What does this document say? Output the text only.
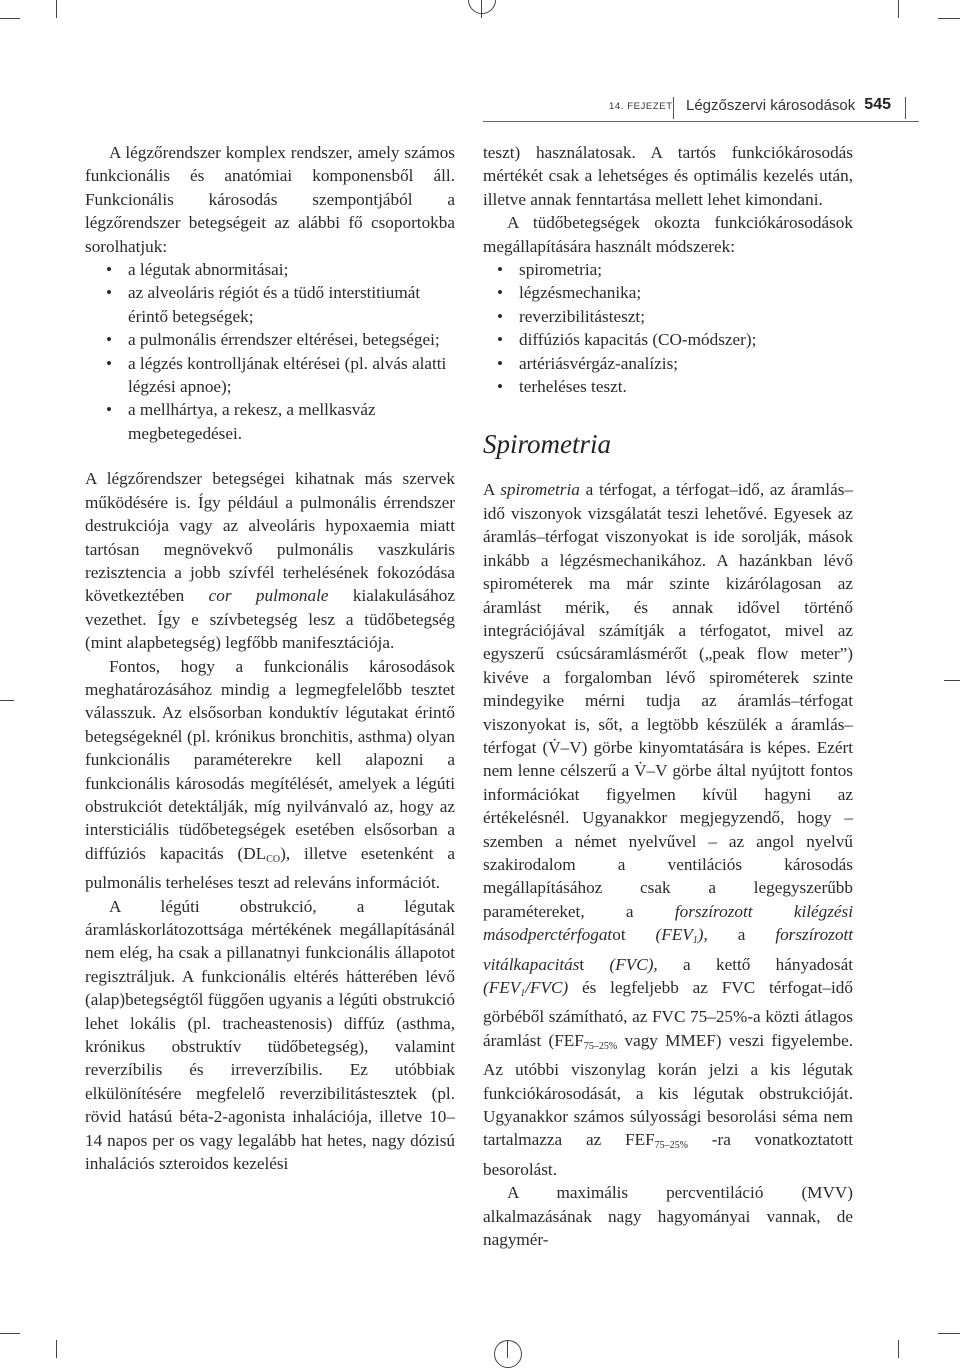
14. FEJEZET Légzőszervi károsodások 545

A légzőrendszer komplex rendszer, amely számos funkcionális és anatómiai komponensből áll. Funkcionális károsodás szempontjából a légzőrendszer betegségeit az alábbi fő csoportokba sorolhatjuk:

• a légutak abnormitásai;
• az alveoláris régiót és a tüdő interstitiumát érintő betegségek;
• a pulmonális érrendszer eltérései, betegségei;
• a légzés kontrolljának eltérései (pl. alvás alatti légzési apnoe);
• a mellhártya, a rekesz, a mellkasváz megbetegedései.

A légzőrendszer betegségei kihatnak más szervek működésére is. Így például a pulmonális érrendszer destrukciója vagy az alveoláris hypoxaemia miatt tartósan megnövekvő pulmonális vaszkuláris rezisztencia a jobb szívfél terhelésének fokozódása következtében cor pulmonale kialakulásához vezethet. Így e szívbetegség lesz a tüdőbetegség (mint alapbetegség) legfőbb manifesztációja.

Fontos, hogy a funkcionális károsodások meghatározásához mindig a legmegfelelőbb tesztet válasszuk. Az elsősorban konduktív légutakat érintő betegségeknél (pl. krónikus bronchitis, asthma) olyan funkcionális paraméterekre kell alapozni a funkcionális károsodás megítélését, amelyek a légúti obstrukciót detektálják, míg nyilvánvaló az, hogy az intersticiális tüdőbetegségek esetében elsősorban a diffúziós kapacitás $(DL_{CO})$, illetve esetenként a pulmonális terheléses teszt ad releváns információt.

A légúti obstrukció, a légutak áramláskorlátozottsága mértékének megállapításánál nem elég, ha csak a pillanatnyi funkcionális állapotot regisztráljuk. A funkcionális eltérés hátterében lévő (alap)betegségtől függően ugyanis a légúti obstrukció lehet lokális (pl. tracheastenosis) diffúz (asthma, krónikus obstruktív tüdőbetegség), valamint reverzíbilis és irreverzíbilis. Ez utóbbiak elkülönítésére megfelelő reverzibilitástesztek (pl. rövid hatású béta-2-agonista inhalációja, illetve 10–14 napos per os vagy legalább hat hetes, nagy dózisú inhalációs szteroidos kezelési

teszt) használatosak. A tartós funkciókárosodás mértékét csak a lehetséges és optimális kezelés után, illetve annak fenntartása mellett lehet kimondani.

A tüdőbetegségek okozta funkciókárosodások megállapítására használt módszerek:

• spirometria;
• légzésmechanika;
• reverzibilitásteszt;
• diffúziós kapacitás (CO-módszer);
• artériásvérgáz-analízis;
• terheléses teszt.
Spirometria

A spirometria a térfogat, a térfogat–idő, az áramlás–idő viszonyok vizsgálatát teszi lehetővé. Egyesek az áramlás–térfogat viszonyokat is ide sorolják, mások inkább a légzésmechanikához. A hazánkban lévő spirométerek ma már szinte kizárólagosan az áramlást mérik, és annak idővel történő integrációjával számítják a térfogatot, mivel az egyszerű csúcsáramlásmérőt („peak flow meter”) kivéve a forgalomban lévő spirométerek szinte mindegyike mérni tudja az áramlás–térfogat viszonyokat is, sőt, a legtöbb készülék a áramlás–térfogat (V̇–V) görbe kinyomtatására is képes. Ezért nem lenne célszerű a V̇–V görbe által nyújtott fontos információkat figyelmen kívül hagyni az értékelésnél. Ugyanakkor megjegyzendő, hogy – szemben a német nyelvűvel – az angol nyelvű szakirodalom a ventilációs károsodás megállapításához csak a legegyszerűbb paramétereket, a forszírozott kilégzési másodperctérfogatot $(FEV_1)$, a forszírozott vitálkapacitást (FVC), a kettő hányadosát $(FEV_1/FVC)$ és legfeljebb az FVC térfogat–idő görbéből számítható, az FVC 75–25%-a közti átlagos áramlást ($FEF_{75-25\%}$ vagy MMEF) veszi figyelembe. Az utóbbi viszonylag korán jelzi a kis légutak funkciókárosodását, a kis légutak obstrukcióját. Ugyanakkor számos súlyossági besorolási séma nem tartalmazza az $FEF_{75-25\%}$ -ra vonatkoztatott besorolást.

A maximális percventiláció (MVV) alkalmazásának nagy hagyományai vannak, de nagymér-
